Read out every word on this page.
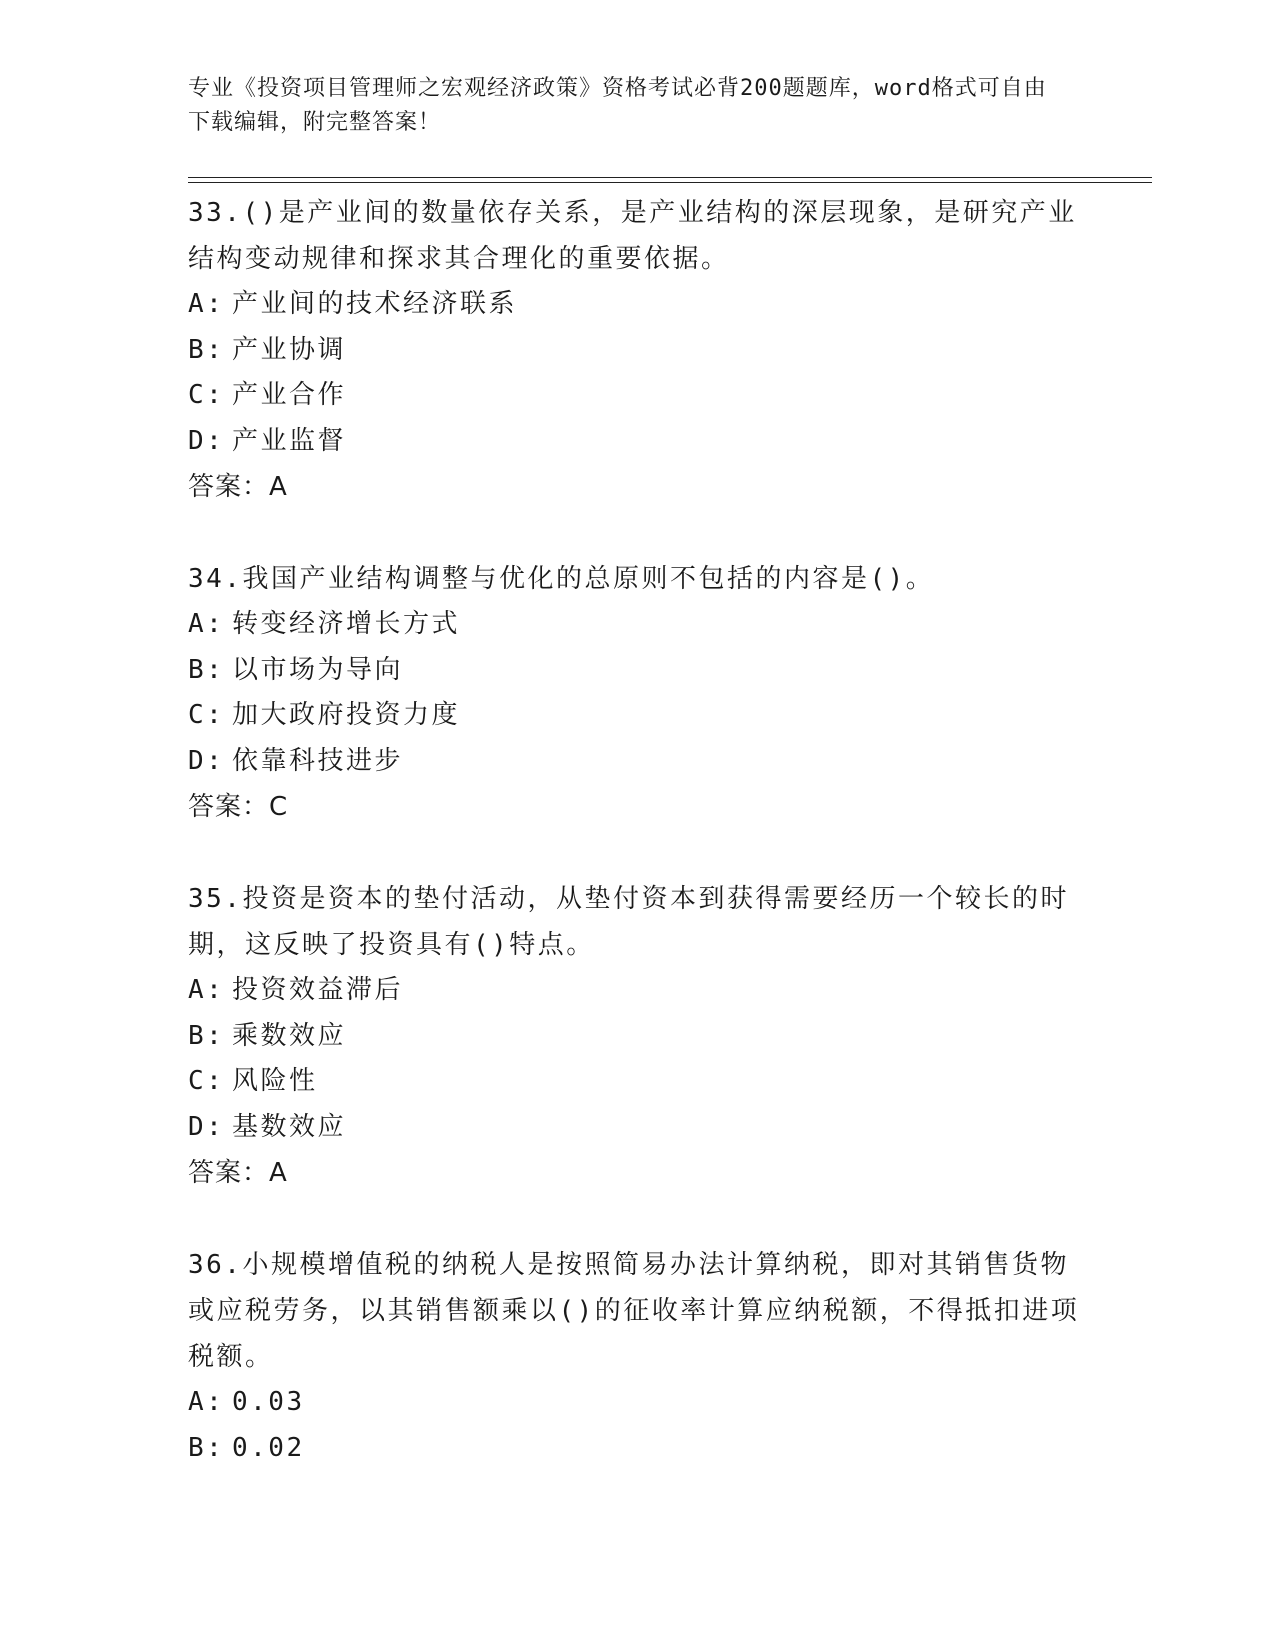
专业《投资项目管理师之宏观经济政策》资格考试必背200题题库，word格式可自由下载编辑，附完整答案！

33.()是产业间的数量依存关系，是产业结构的深层现象，是研究产业结构变动规律和探求其合理化的重要依据。

A: 产业间的技术经济联系

B: 产业协调

C: 产业合作

D: 产业监督

答案：A

34.我国产业结构调整与优化的总原则不包括的内容是()。

A: 转变经济增长方式

B: 以市场为导向

C: 加大政府投资力度

D: 依靠科技进步

答案：C

35.投资是资本的垫付活动，从垫付资本到获得需要经历一个较长的时期，这反映了投资具有()特点。

A: 投资效益滞后

B: 乘数效应

C: 风险性

D: 基数效应

答案：A

36.小规模增值税的纳税人是按照简易办法计算纳税，即对其销售货物或应税劳务，以其销售额乘以()的征收率计算应纳税额，不得抵扣进项税额。

A: 0.03

B: 0.02
